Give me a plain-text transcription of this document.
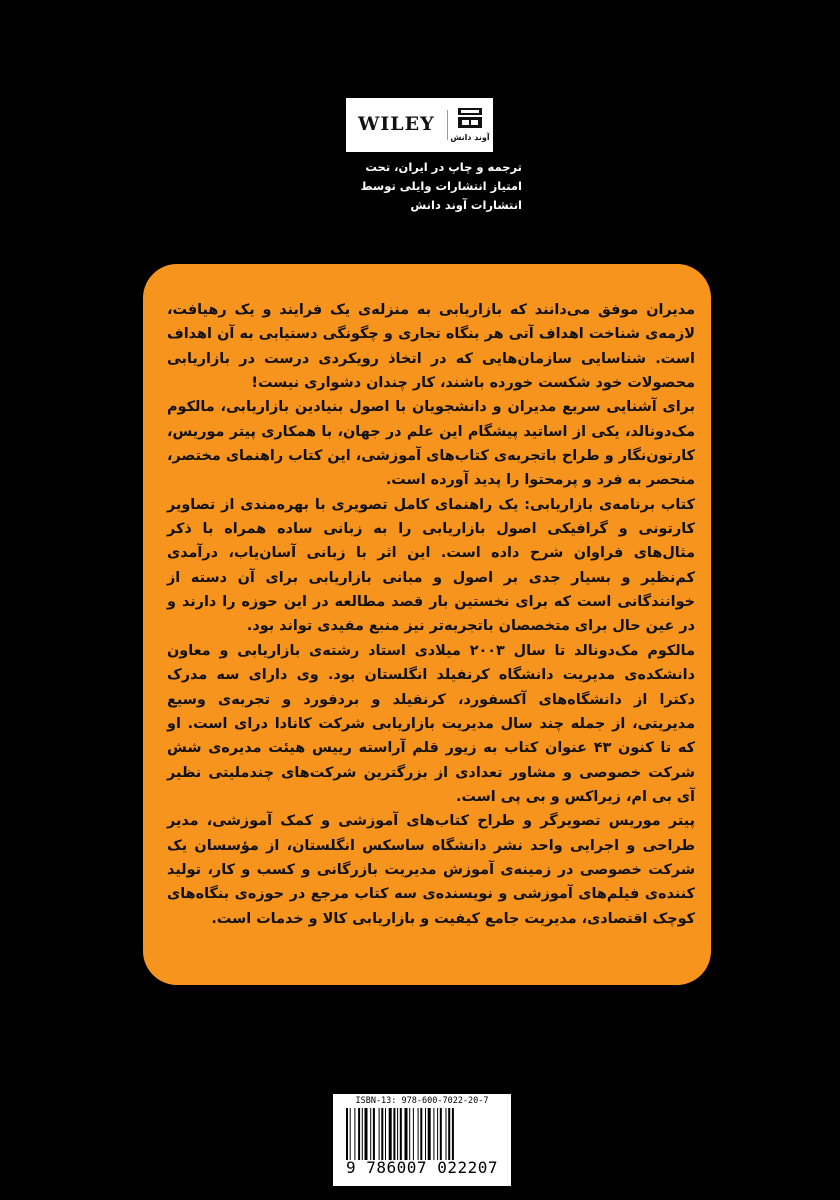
WILEY
آوند دانش
ترجمه و چاپ در ایران، تحت
امتیاز انتشارات وایلی توسط
انتشارات آوند دانش

مدیران موفق می‌دانند که بازاریابی به منزله‌ی یک فرایند و یک رهیافت، لازمه‌ی شناخت اهداف آتی هر بنگاه تجاری و چگونگی دستیابی به آن اهداف است. شناسایی سازمان‌هایی که در اتخاذ رویکردی درست در بازاریابی محصولات خود شکست خورده باشند، کار چندان دشواری نیست!

برای آشنایی سریع مدیران و دانشجویان با اصول بنیادین بازاریابی، مالکوم مک‌دونالد، یکی از اساتید پیشگام این علم در جهان، با همکاری پیتر موریس، کارتون‌نگار و طراح باتجربه‌ی کتاب‌های آموزشی، این کتاب راهنمای مختصر، منحصر به فرد و پرمحتوا را پدید آورده است.

کتاب برنامه‌ی بازاریابی: یک راهنمای کامل تصویری با بهره‌مندی از تصاویر کارتونی و گرافیکی اصول بازاریابی را به زبانی ساده همراه با ذکر مثال‌های فراوان شرح داده است. این اثر با زبانی آسان‌یاب، درآمدی کم‌نظیر و بسیار جدی بر اصول و مبانی بازاریابی برای آن دسته از خوانندگانی است که برای نخستین بار قصد مطالعه در این حوزه را دارند و در عین حال برای متخصصان باتجربه‌تر نیز منبع مفیدی تواند بود.

مالکوم مک‌دونالد تا سال ۲۰۰۳ میلادی استاد رشته‌ی بازاریابی و معاون دانشکده‌ی مدیریت دانشگاه کرنفیلد انگلستان بود. وی دارای سه مدرک دکترا از دانشگاه‌های آکسفورد، کرنفیلد و بردفورد و تجربه‌ی وسیع مدیریتی، از جمله چند سال مدیریت بازاریابی شرکت کانادا درای است. او که تا کنون ۴۳ عنوان کتاب به زیور قلم آراسته رییس هیئت مدیره‌ی شش شرکت خصوصی و مشاور تعدادی از بزرگترین شرکت‌های چندملیتی نظیر آی بی ام، زیراکس و بی پی است.

پیتر موریس تصویرگر و طراح کتاب‌های آموزشی و کمک آموزشی، مدیر طراحی و اجرایی واحد نشر دانشگاه ساسکس انگلستان، از مؤسسان یک شرکت خصوصی در زمینه‌ی آموزش مدیریت بازرگانی و کسب و کار، تولید کننده‌ی فیلم‌های آموزشی و نویسنده‌ی سه کتاب مرجع در حوزه‌ی بنگاه‌های کوچک اقتصادی، مدیریت جامع کیفیت و بازاریابی کالا و خدمات است.

ISBN-13: 978-600-7022-20-7
9 786007 022207
